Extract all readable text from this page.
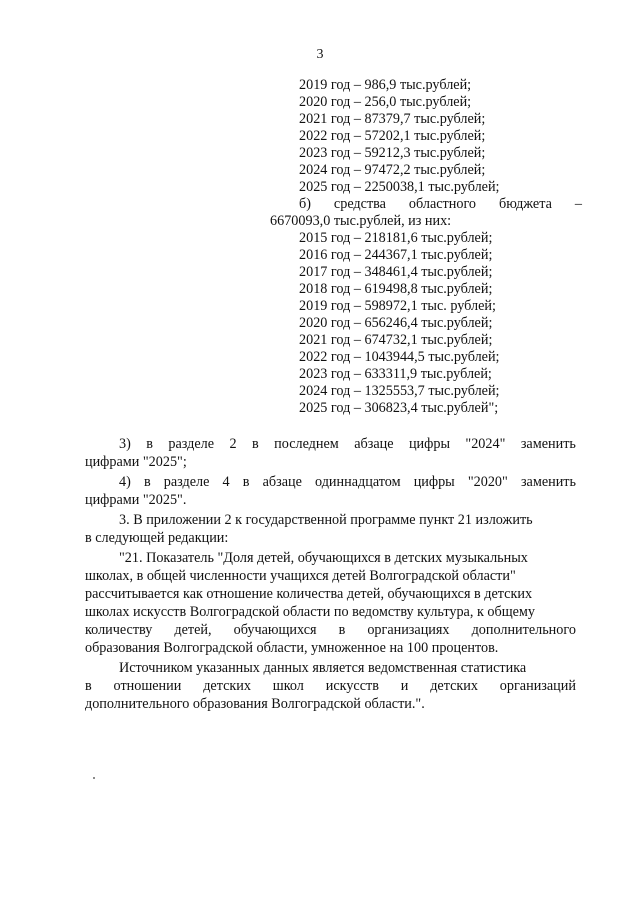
3
2019 год – 986,9 тыс.рублей;
2020 год – 256,0 тыс.рублей;
2021 год – 87379,7 тыс.рублей;
2022 год – 57202,1 тыс.рублей;
2023 год – 59212,3 тыс.рублей;
2024 год – 97472,2 тыс.рублей;
2025 год – 2250038,1 тыс.рублей;
б) средства областного бюджета –
6670093,0 тыс.рублей, из них:
2015 год – 218181,6 тыс.рублей;
2016 год – 244367,1 тыс.рублей;
2017 год – 348461,4 тыс.рублей;
2018 год – 619498,8 тыс.рублей;
2019 год – 598972,1 тыс. рублей;
2020 год – 656246,4 тыс.рублей;
2021 год – 674732,1 тыс.рублей;
2022 год – 1043944,5 тыс.рублей;
2023 год – 633311,9 тыс.рублей;
2024 год – 1325553,7 тыс.рублей;
2025 год – 306823,4 тыс.рублей";
3) в разделе 2 в последнем абзаце цифры "2024" заменить
цифрами "2025";
4) в разделе 4 в абзаце одиннадцатом цифры "2020" заменить
цифрами "2025".
3. В приложении 2 к государственной программе пункт 21 изложить
в следующей редакции:
"21. Показатель "Доля детей, обучающихся в детских музыкальных
школах, в общей численности учащихся детей Волгоградской области"
рассчитывается как отношение количества детей, обучающихся в детских
школах искусств Волгоградской области по ведомству культура, к общему
количеству детей, обучающихся в организациях дополнительного
образования Волгоградской области, умноженное на 100 процентов.
Источником указанных данных является ведомственная статистика
в отношении детских школ искусств и детских организаций
дополнительного образования Волгоградской области.".
